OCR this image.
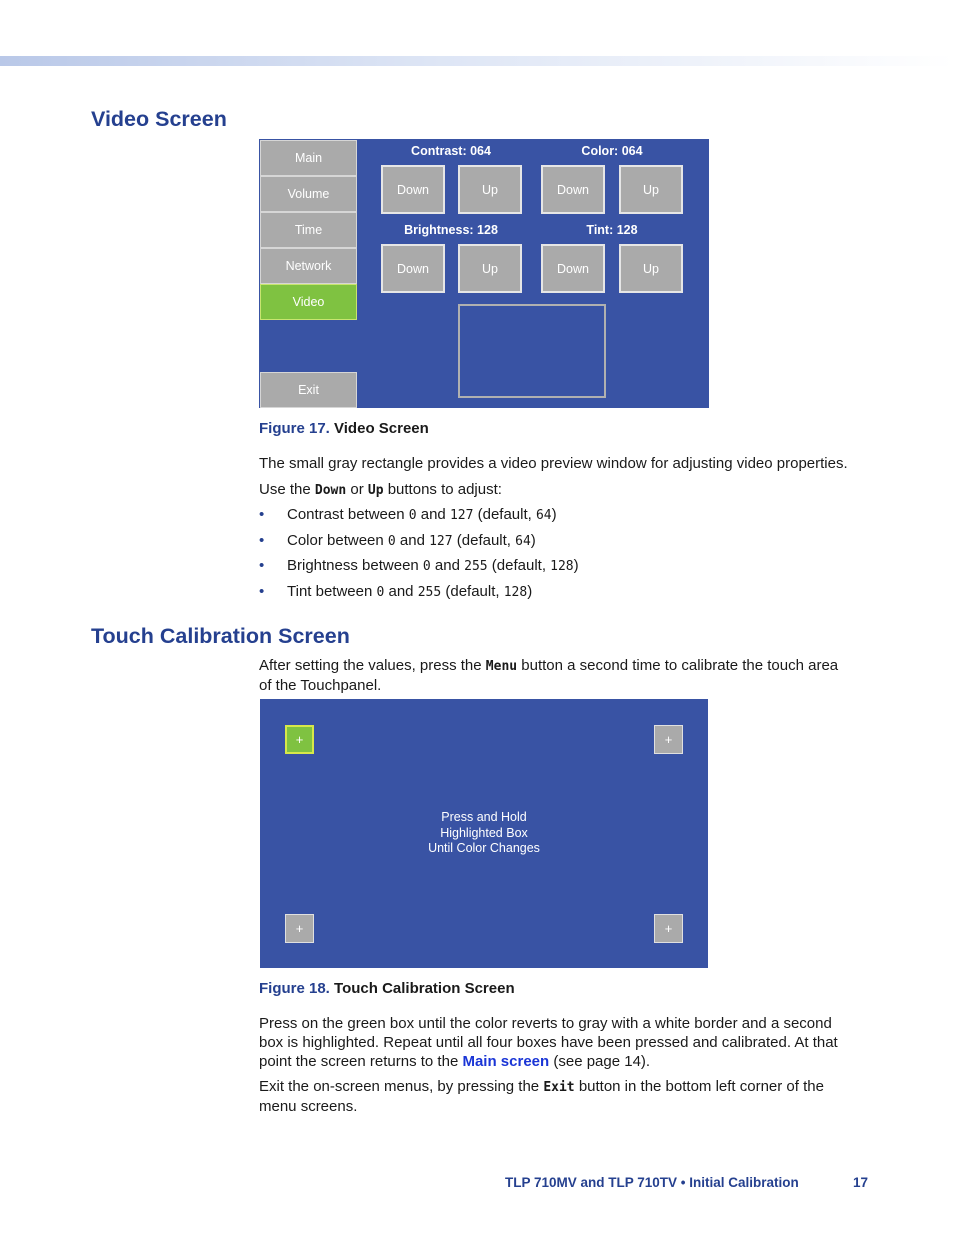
Video Screen
Main
Volume
Time
Network
Video
Exit
Contrast: 064	Color: 064
Brightness: 128	Tint: 128
Down	Up	Down	Up
Down	Up	Down	Up
Figure 17. Video Screen
The small gray rectangle provides a video preview window for adjusting video properties.
Use the Down or Up buttons to adjust:
• Contrast between 0 and 127 (default, 64)
• Color between 0 and 127 (default, 64)
• Brightness between 0 and 255 (default, 128)
• Tint between 0 and 255 (default, 128)
Touch Calibration Screen
After setting the values, press the Menu button a second time to calibrate the touch area
of the Touchpanel.
+	+
+	+
Press and Hold
Highlighted Box
Until Color Changes
Figure 18. Touch Calibration Screen
Press on the green box until the color reverts to gray with a white border and a second
box is highlighted. Repeat until all four boxes have been pressed and calibrated. At that
point the screen returns to the Main screen (see page 14).
Exit the on-screen menus, by pressing the Exit button in the bottom left corner of the
menu screens.
TLP 710MV and TLP 710TV • Initial Calibration	17
